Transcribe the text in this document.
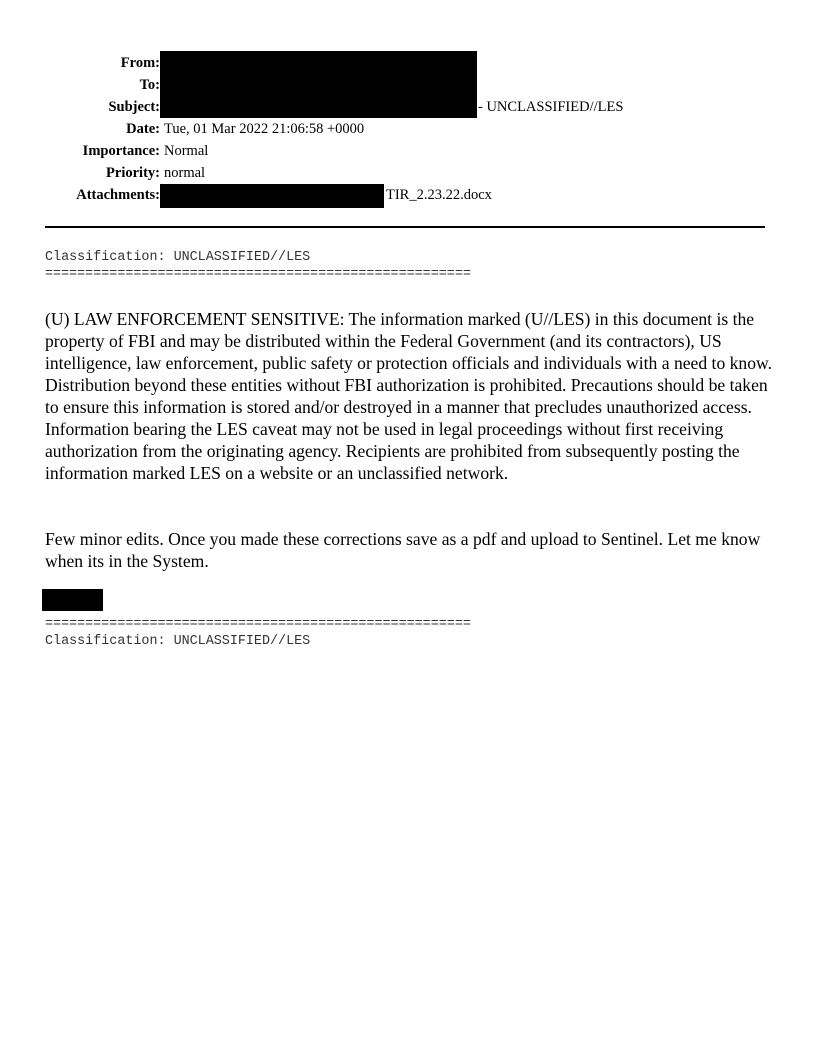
From:
To:
Subject:
Date:
Importance:
Priority:
Attachments:
- UNCLASSIFIED//LES
Tue, 01 Mar 2022 21:06:58 +0000
Normal
normal
TIR_2.23.22.docx
Classification: UNCLASSIFIED//LES
=====================================================

(U) LAW ENFORCEMENT SENSITIVE: The information marked (U//LES) in this document is the property of FBI and may be distributed within the Federal Government (and its contractors), US intelligence, law enforcement, public safety or protection officials and individuals with a need to know. Distribution beyond these entities without FBI authorization is prohibited. Precautions should be taken to ensure this information is stored and/or destroyed in a manner that precludes unauthorized access. Information bearing the LES caveat may not be used in legal proceedings without first receiving authorization from the originating agency. Recipients are prohibited from subsequently posting the information marked LES on a website or an unclassified network.

Few minor edits. Once you made these corrections save as a pdf and upload to Sentinel. Let me know when its in the System.

=====================================================
Classification: UNCLASSIFIED//LES
